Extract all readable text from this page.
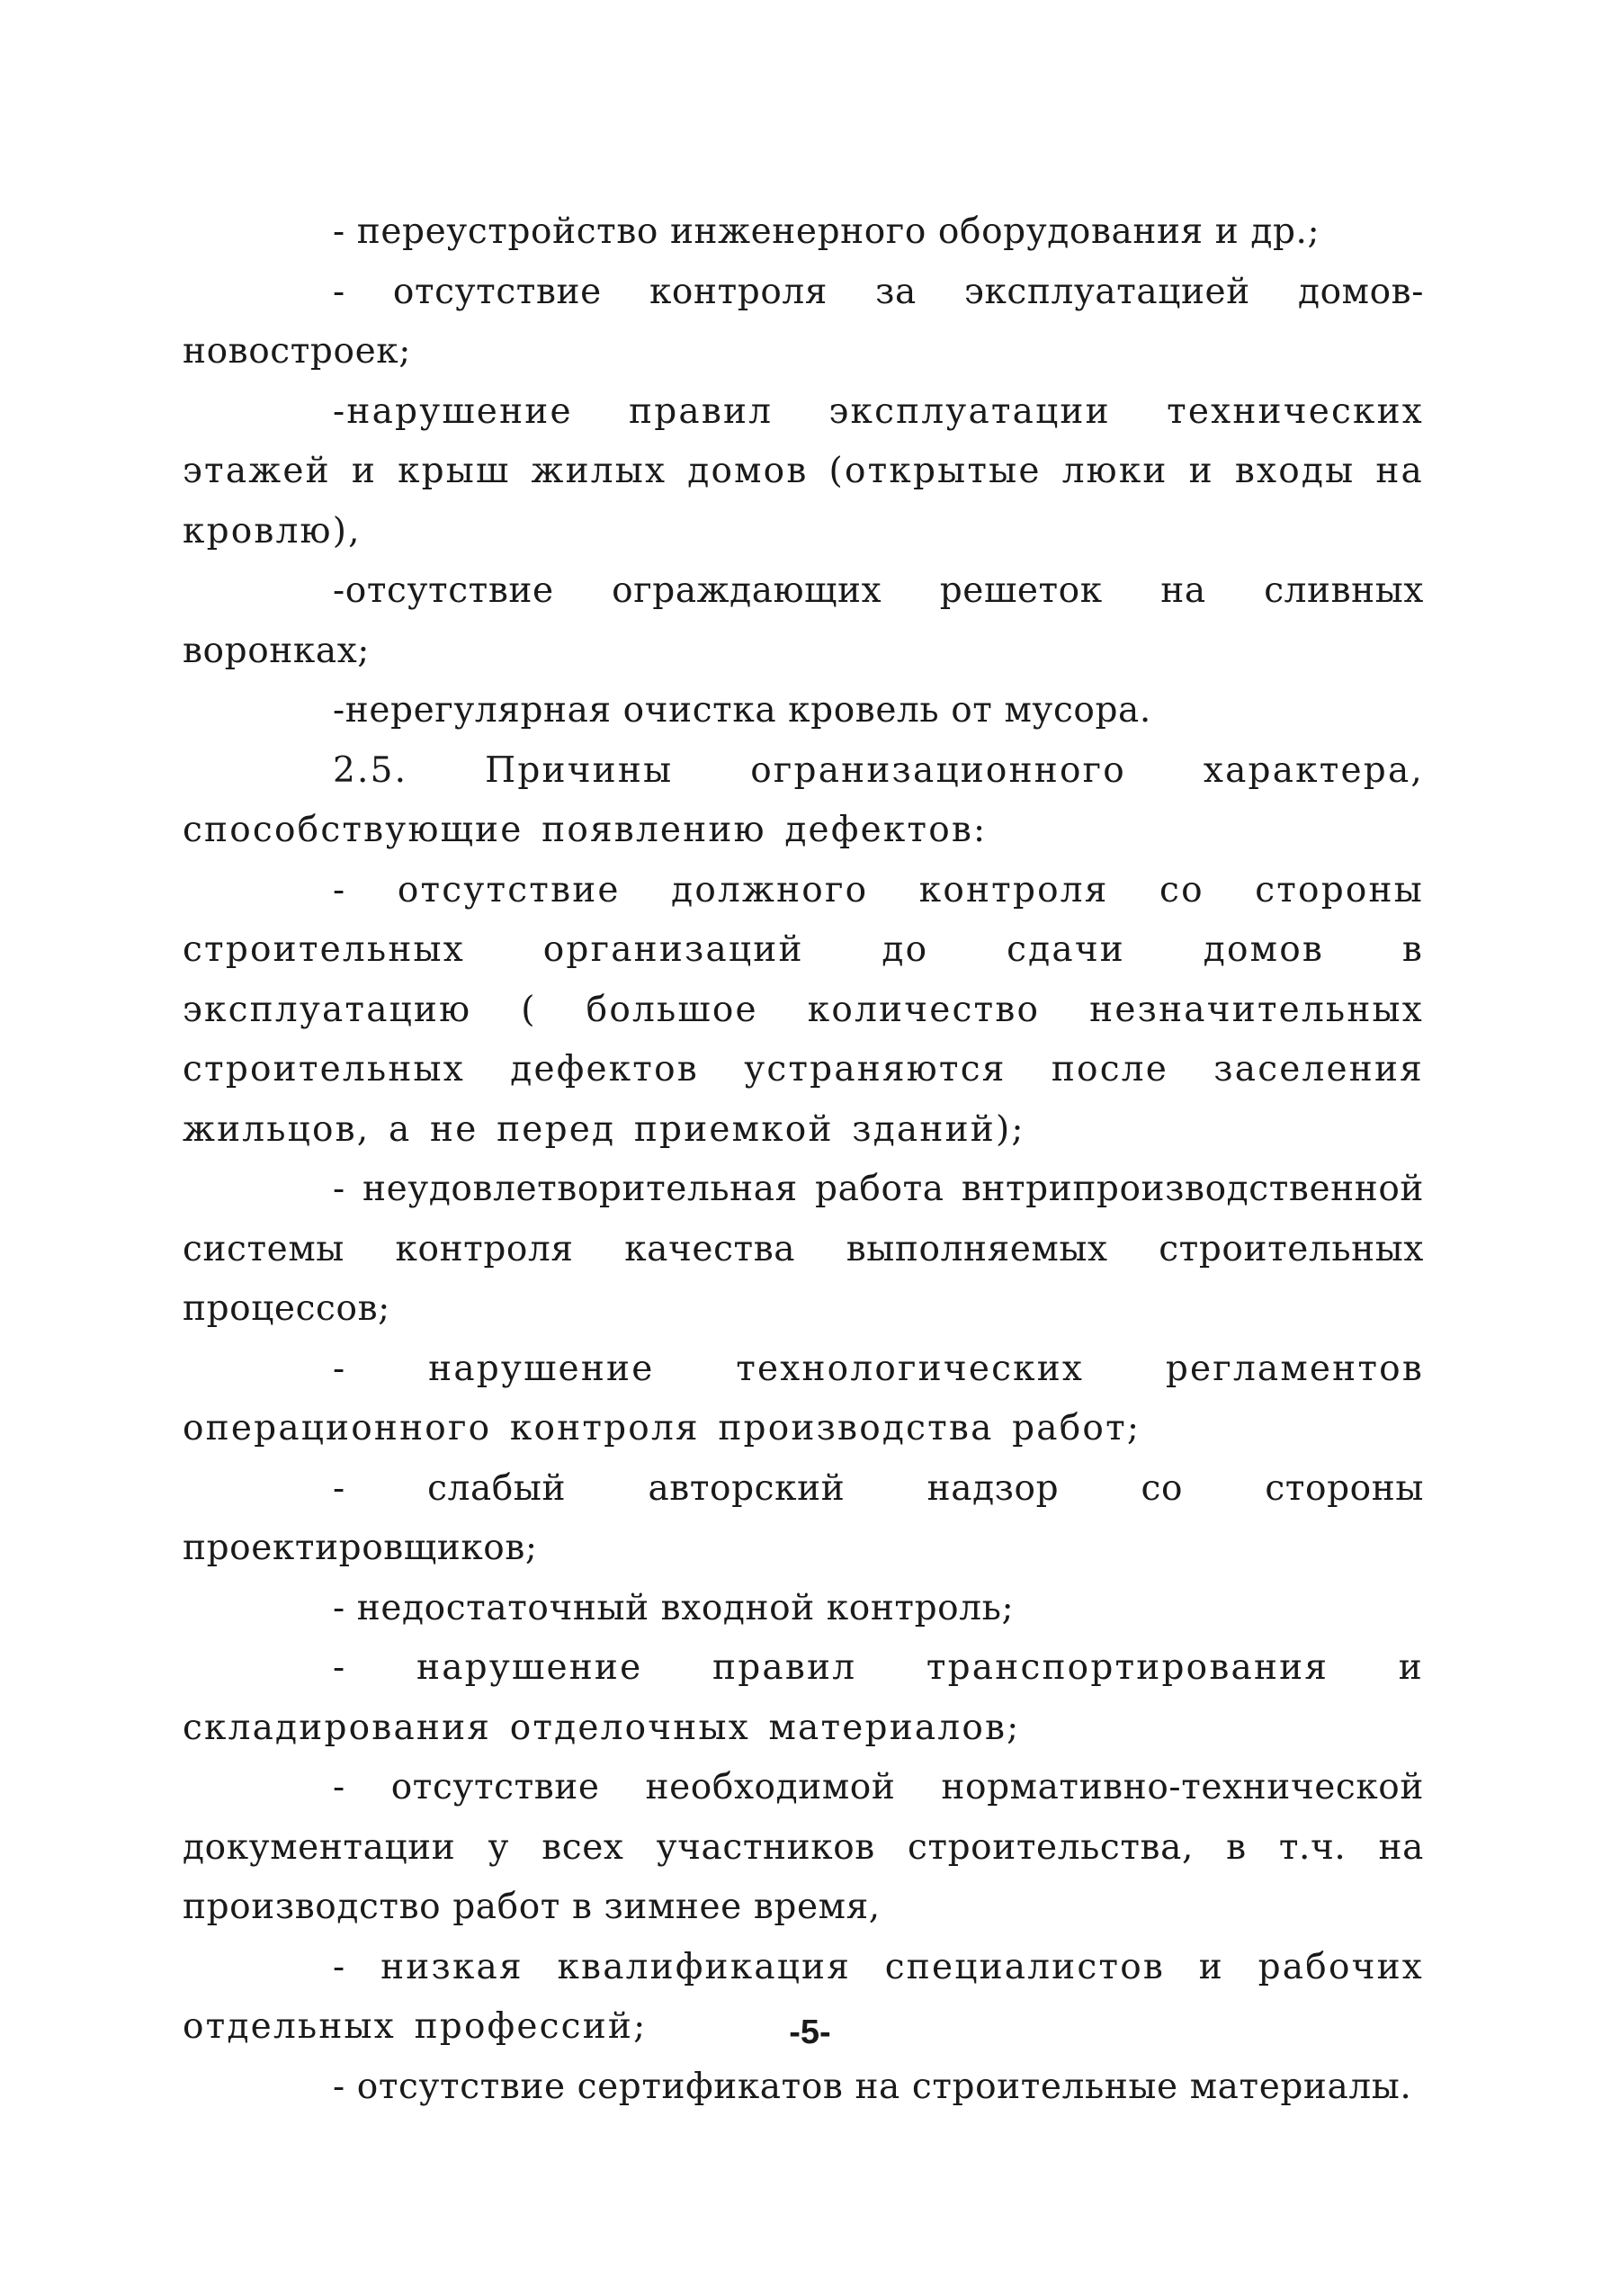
- переустройство инженерного оборудования и др.;

- отсутствие контроля за эксплуатацией домов-новостроек;

-нарушение правил эксплуатации технических этажей и крыш жилых домов (открытые люки и входы на кровлю),

-отсутствие ограждающих решеток на сливных воронках;

-нерегулярная очистка кровель от мусора.

2.5. Причины огранизационного характера, способствующие появлению дефектов:

- отсутствие должного контроля со стороны строительных организаций до сдачи домов в эксплуатацию ( большое количество незначительных строительных дефектов устраняются после заселения жильцов, а не перед приемкой зданий);

- неудовлетворительная работа внтрипроизводственной системы контроля качества выполняемых строительных процессов;

- нарушение технологических регламентов операционного контроля производства работ;

- слабый авторский надзор со стороны проектировщиков;

- недостаточный входной контроль;

- нарушение правил транспортирования и складирования отделочных материалов;

- отсутствие необходимой нормативно-технической документации у всех участников строительства, в т.ч. на производство работ в зимнее время,

- низкая квалификация специалистов и рабочих отдельных профессий;

- отсутствие сертификатов на строительные материалы.

-5-
